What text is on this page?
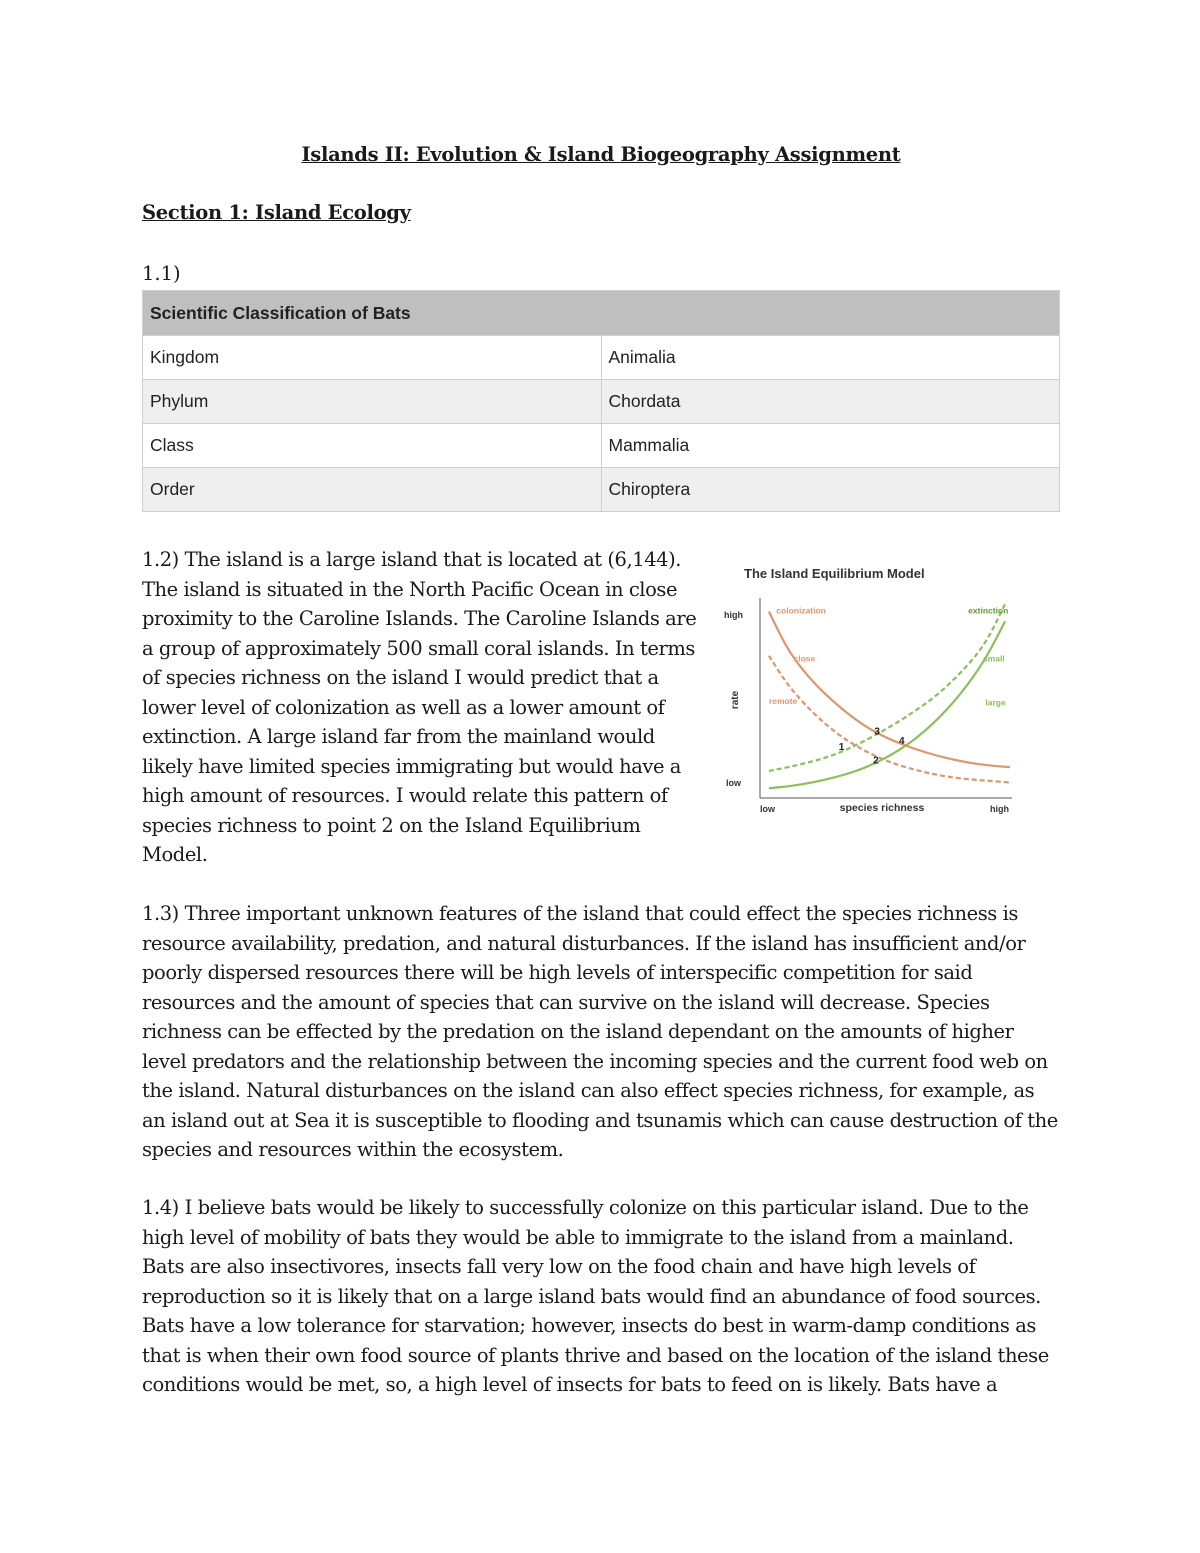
Islands II: Evolution & Island Biogeography Assignment
Section 1: Island Ecology
1.1)
Scientific Classification of Bats	
Kingdom	Animalia
Phylum	Chordata
Class	Mammalia
Order	Chiroptera

1.2) The island is a large island that is located at (6,144). The island is situated in the North Pacific Ocean in close proximity to the Caroline Islands. The Caroline Islands are a group of approximately 500 small coral islands. In terms of species richness on the island I would predict that a lower level of colonization as well as a lower amount of extinction. A large island far from the mainland would likely have limited species immigrating but would have a high amount of resources. I would relate this pattern of species richness to point 2 on the Island Equilibrium Model.

1.3) Three important unknown features of the island that could effect the species richness is resource availability, predation, and natural disturbances. If the island has insufficient and/or poorly dispersed resources there will be high levels of interspecific competition for said resources and the amount of species that can survive on the island will decrease. Species richness can be effected by the predation on the island dependant on the amounts of higher level predators and the relationship between the incoming species and the current food web on the island. Natural disturbances on the island can also effect species richness, for example, as an island out at Sea it is susceptible to flooding and tsunamis which can cause destruction of the species and resources within the ecosystem.

1.4) I believe bats would be likely to successfully colonize on this particular island. Due to the high level of mobility of bats they would be able to immigrate to the island from a mainland. Bats are also insectivores, insects fall very low on the food chain and have high levels of reproduction so it is likely that on a large island bats would find an abundance of food sources. Bats have a low tolerance for starvation; however, insects do best in warm-damp conditions as that is when their own food source of plants thrive and based on the location of the island these conditions would be met, so, a high level of insects for bats to feed on is likely. Bats have a

The Island Equilibrium Model
high
low
rate
low	high
species richness
colonization	extinction
close
remote
small
large
1
2
3
4
